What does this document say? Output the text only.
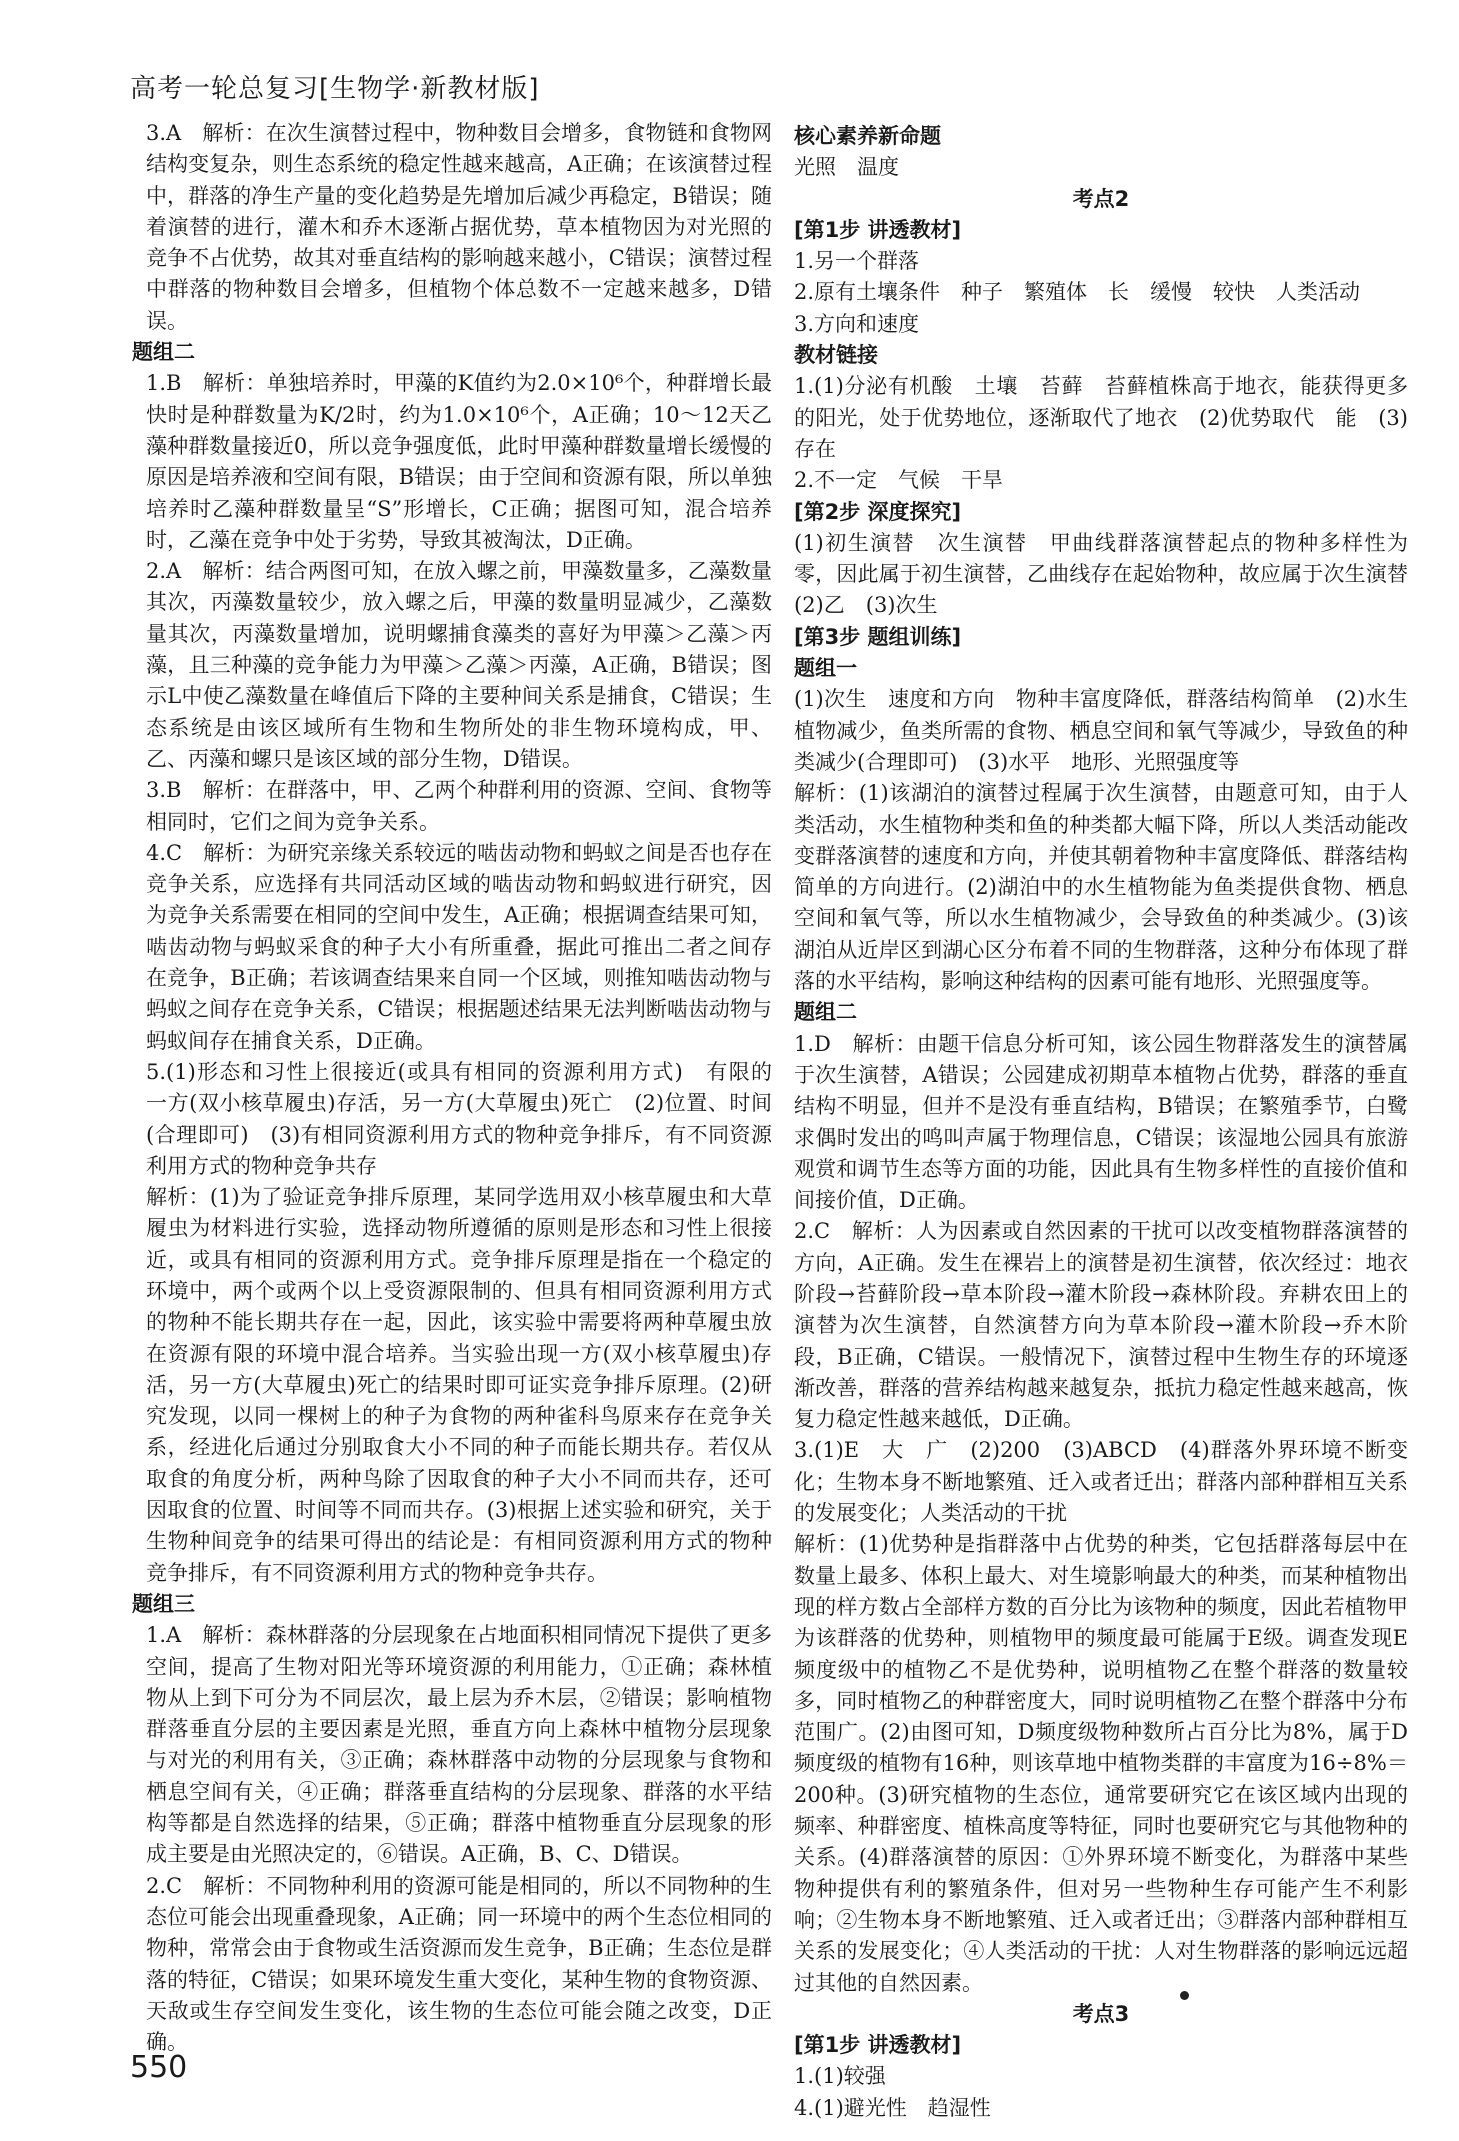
高考一轮总复习[生物学·新教材版]

3.A　解析：在次生演替过程中，物种数目会增多，食物链和食物网结构变复杂，则生态系统的稳定性越来越高，A正确；在该演替过程中，群落的净生产量的变化趋势是先增加后减少再稳定，B错误；随着演替的进行，灌木和乔木逐渐占据优势，草本植物因为对光照的竞争不占优势，故其对垂直结构的影响越来越小，C错误；演替过程中群落的物种数目会增多，但植物个体总数不一定越来越多，D错误。

题组二

1.B　解析：单独培养时，甲藻的K值约为2.0×10⁶个，种群增长最快时是种群数量为K/2时，约为1.0×10⁶个，A正确；10～12天乙藻种群数量接近0，所以竞争强度低，此时甲藻种群数量增长缓慢的原因是培养液和空间有限，B错误；由于空间和资源有限，所以单独培养时乙藻种群数量呈“S”形增长，C正确；据图可知，混合培养时，乙藻在竞争中处于劣势，导致其被淘汰，D正确。

2.A　解析：结合两图可知，在放入螺之前，甲藻数量多，乙藻数量其次，丙藻数量较少，放入螺之后，甲藻的数量明显减少，乙藻数量其次，丙藻数量增加，说明螺捕食藻类的喜好为甲藻＞乙藻＞丙藻，且三种藻的竞争能力为甲藻＞乙藻＞丙藻，A正确，B错误；图示L中使乙藻数量在峰值后下降的主要种间关系是捕食，C错误；生态系统是由该区域所有生物和生物所处的非生物环境构成，甲、乙、丙藻和螺只是该区域的部分生物，D错误。

3.B　解析：在群落中，甲、乙两个种群利用的资源、空间、食物等相同时，它们之间为竞争关系。

4.C　解析：为研究亲缘关系较远的啮齿动物和蚂蚁之间是否也存在竞争关系，应选择有共同活动区域的啮齿动物和蚂蚁进行研究，因为竞争关系需要在相同的空间中发生，A正确；根据调查结果可知，啮齿动物与蚂蚁采食的种子大小有所重叠，据此可推出二者之间存在竞争，B正确；若该调查结果来自同一个区域，则推知啮齿动物与蚂蚁之间存在竞争关系，C错误；根据题述结果无法判断啮齿动物与蚂蚁间存在捕食关系，D正确。

5.(1)形态和习性上很接近(或具有相同的资源利用方式)　有限的　一方(双小核草履虫)存活，另一方(大草履虫)死亡　(2)位置、时间(合理即可)　(3)有相同资源利用方式的物种竞争排斥，有不同资源利用方式的物种竞争共存

解析：(1)为了验证竞争排斥原理，某同学选用双小核草履虫和大草履虫为材料进行实验，选择动物所遵循的原则是形态和习性上很接近，或具有相同的资源利用方式。竞争排斥原理是指在一个稳定的环境中，两个或两个以上受资源限制的、但具有相同资源利用方式的物种不能长期共存在一起，因此，该实验中需要将两种草履虫放在资源有限的环境中混合培养。当实验出现一方(双小核草履虫)存活，另一方(大草履虫)死亡的结果时即可证实竞争排斥原理。(2)研究发现，以同一棵树上的种子为食物的两种雀科鸟原来存在竞争关系，经进化后通过分别取食大小不同的种子而能长期共存。若仅从取食的角度分析，两种鸟除了因取食的种子大小不同而共存，还可因取食的位置、时间等不同而共存。(3)根据上述实验和研究，关于生物种间竞争的结果可得出的结论是：有相同资源利用方式的物种竞争排斥，有不同资源利用方式的物种竞争共存。

题组三

1.A　解析：森林群落的分层现象在占地面积相同情况下提供了更多空间，提高了生物对阳光等环境资源的利用能力，①正确；森林植物从上到下可分为不同层次，最上层为乔木层，②错误；影响植物群落垂直分层的主要因素是光照，垂直方向上森林中植物分层现象与对光的利用有关，③正确；森林群落中动物的分层现象与食物和栖息空间有关，④正确；群落垂直结构的分层现象、群落的水平结构等都是自然选择的结果，⑤正确；群落中植物垂直分层现象的形成主要是由光照决定的，⑥错误。A正确，B、C、D错误。

2.C　解析：不同物种利用的资源可能是相同的，所以不同物种的生态位可能会出现重叠现象，A正确；同一环境中的两个生态位相同的物种，常常会由于食物或生活资源而发生竞争，B正确；生态位是群落的特征，C错误；如果环境发生重大变化，某种生物的食物资源、天敌或生存空间发生变化，该生物的生态位可能会随之改变，D正确。

核心素养新命题

光照　温度

考点2

[第1步 讲透教材]

1.另一个群落

2.原有土壤条件　种子　繁殖体　长　缓慢　较快　人类活动

3.方向和速度

教材链接

1.(1)分泌有机酸　土壤　苔藓　苔藓植株高于地衣，能获得更多的阳光，处于优势地位，逐渐取代了地衣　(2)优势取代　能　(3)存在

2.不一定　气候　干旱

[第2步 深度探究]

(1)初生演替　次生演替　甲曲线群落演替起点的物种多样性为零，因此属于初生演替，乙曲线存在起始物种，故应属于次生演替　(2)乙　(3)次生

[第3步 题组训练]

题组一

(1)次生　速度和方向　物种丰富度降低，群落结构简单　(2)水生植物减少，鱼类所需的食物、栖息空间和氧气等减少，导致鱼的种类减少(合理即可)　(3)水平　地形、光照强度等

解析：(1)该湖泊的演替过程属于次生演替，由题意可知，由于人类活动，水生植物种类和鱼的种类都大幅下降，所以人类活动能改变群落演替的速度和方向，并使其朝着物种丰富度降低、群落结构简单的方向进行。(2)湖泊中的水生植物能为鱼类提供食物、栖息空间和氧气等，所以水生植物减少，会导致鱼的种类减少。(3)该湖泊从近岸区到湖心区分布着不同的生物群落，这种分布体现了群落的水平结构，影响这种结构的因素可能有地形、光照强度等。

题组二

1.D　解析：由题干信息分析可知，该公园生物群落发生的演替属于次生演替，A错误；公园建成初期草本植物占优势，群落的垂直结构不明显，但并不是没有垂直结构，B错误；在繁殖季节，白鹭求偶时发出的鸣叫声属于物理信息，C错误；该湿地公园具有旅游观赏和调节生态等方面的功能，因此具有生物多样性的直接价值和间接价值，D正确。

2.C　解析：人为因素或自然因素的干扰可以改变植物群落演替的方向，A正确。发生在裸岩上的演替是初生演替，依次经过：地衣阶段→苔藓阶段→草本阶段→灌木阶段→森林阶段。弃耕农田上的演替为次生演替，自然演替方向为草本阶段→灌木阶段→乔木阶段，B正确，C错误。一般情况下，演替过程中生物生存的环境逐渐改善，群落的营养结构越来越复杂，抵抗力稳定性越来越高，恢复力稳定性越来越低，D正确。

3.(1)E　大　广　(2)200　(3)ABCD　(4)群落外界环境不断变化；生物本身不断地繁殖、迁入或者迁出；群落内部种群相互关系的发展变化；人类活动的干扰

解析：(1)优势种是指群落中占优势的种类，它包括群落每层中在数量上最多、体积上最大、对生境影响最大的种类，而某种植物出现的样方数占全部样方数的百分比为该物种的频度，因此若植物甲为该群落的优势种，则植物甲的频度最可能属于E级。调查发现E频度级中的植物乙不是优势种，说明植物乙在整个群落的数量较多，同时植物乙的种群密度大，同时说明植物乙在整个群落中分布范围广。(2)由图可知，D频度级物种数所占百分比为8%，属于D频度级的植物有16种，则该草地中植物类群的丰富度为16÷8%＝200种。(3)研究植物的生态位，通常要研究它在该区域内出现的频率、种群密度、植株高度等特征，同时也要研究它与其他物种的关系。(4)群落演替的原因：①外界环境不断变化，为群落中某些物种提供有利的繁殖条件，但对另一些物种生存可能产生不利影响；②生物本身不断地繁殖、迁入或者迁出；③群落内部种群相互关系的发展变化；④人类活动的干扰：人对生物群落的影响远远超过其他的自然因素。

考点3

[第1步 讲透教材]

1.(1)较强

4.(1)避光性　趋湿性

550
